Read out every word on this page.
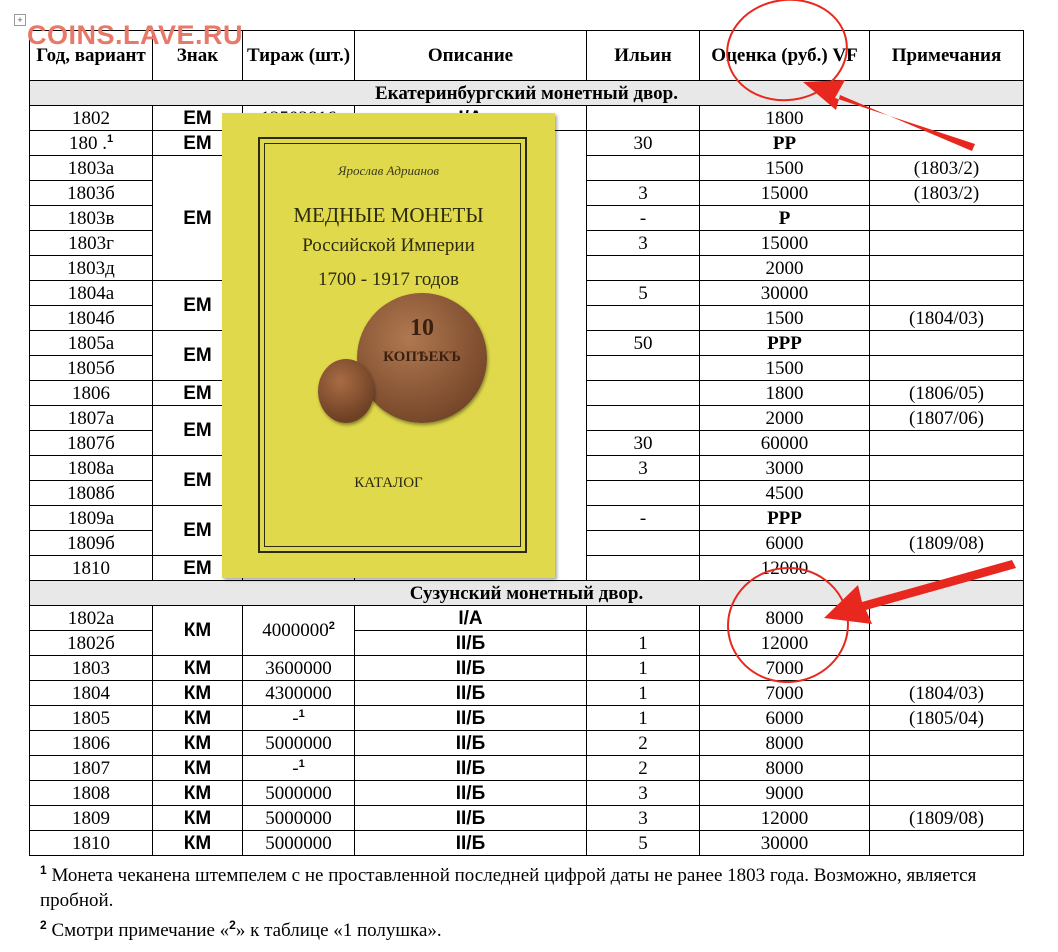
+
Год, вариант	Знак	Тираж (шт.)	Описание	Ильин	Оценка (руб.) VF	Примечания
Екатеринбургский монетный двор.						
1802	ЕМ				1800	
180 .$^1$	ЕМ			30	РР	
1803а	ЕМ				1500	(1803/2)
1803б				3	15000	(1803/2)
1803в				-	Р	
1803г				3	15000	
1803д					2000	
1804а	ЕМ			5	30000	
1804б					1500	(1804/03)
1805а	ЕМ			50	РРР	
1805б					1500	
1806	ЕМ				1800	(1806/05)
1807а	ЕМ				2000	(1807/06)
1807б				30	60000	
1808а	ЕМ			3	3000	
1808б					4500	
1809а	ЕМ			-	РРР	
1809б					6000	(1809/08)
1810	ЕМ				12000	
Сузунский монетный двор.						
1802а	КМ	4000000$^2$	I/A		8000	
1802б			II/Б	1	12000	
1803	КМ	3600000	II/Б	1	7000	
1804	КМ	4300000	II/Б	1	7000	(1804/03)
1805	КМ	-$^1$	II/Б	1	6000	(1805/04)
1806	КМ	5000000	II/Б	2	8000	
1807	КМ	-$^1$	II/Б	2	8000	
1808	КМ	5000000	II/Б	3	9000	
1809	КМ	5000000	II/Б	3	12000	(1809/08)
1810	КМ	5000000	II/Б	5	30000	
COINS.LAVE.RU
Ярослав Адрианов
МЕДНЫЕ МОНЕТЫ
Российской Империи
1700 - 1917 годов
10
КОПѢЕКЪ
КАТАЛОГ

$^1$ Монета чеканена штемпелем с не проставленной последней цифрой даты не ранее 1803 года. Возможно, является пробной.

$^2$ Смотри примечание «$^2$» к таблице «1 полушка».
